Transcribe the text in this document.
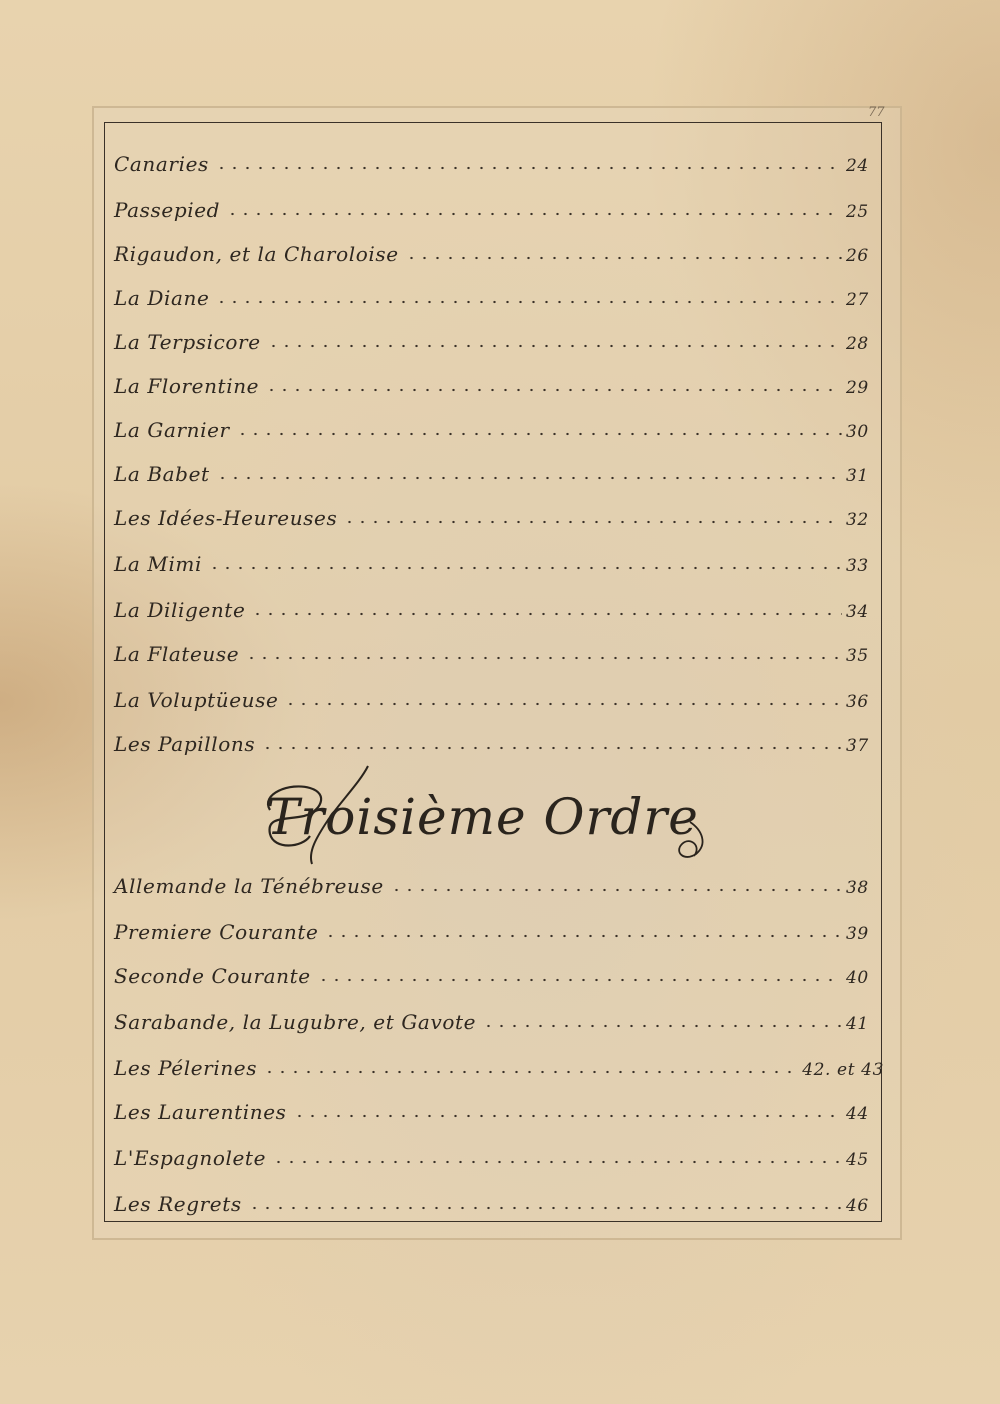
77
Canaries	24
Passepied	25
Rigaudon, et la Charoloise	26
La Diane	27
La Terpsicore	28
La Florentine	29
La Garnier	30
La Babet	31
Les Idées-Heureuses	32
La Mimi	33
La Diligente	34
La Flateuse	35
La Voluptüeuse	36
Les Papillons	37
Troisième Ordre
Allemande la Ténébreuse	38
Premiere Courante	39
Seconde Courante	40
Sarabande, la Lugubre, et Gavote	41
Les Pélerines	42. et 43
Les Laurentines	44
L'Espagnolete	45
Les Regrets	46
